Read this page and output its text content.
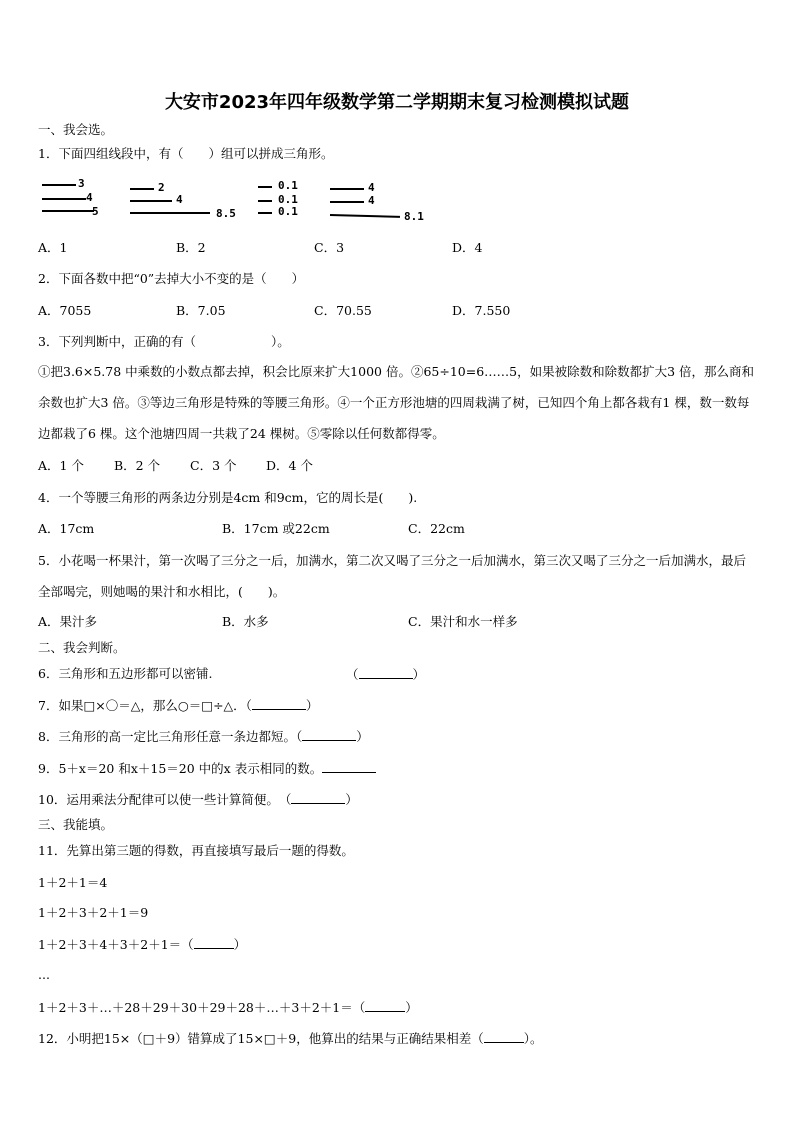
大安市2023年四年级数学第二学期期末复习检测模拟试题
一、我会选。
1．下面四组线段中，有（　　）组可以拼成三角形。
3
4
5
2
4
8.5
0.1
0.1
0.1
4
4
8.1
A．1	B．2	C．3	D．4
2．下面各数中把“0”去掉大小不变的是（　　）
A．7055	B．7.05	C．70.55	D．7.550
3．下列判断中，正确的有（　　　　　　）。
①把3.6×5.78 中乘数的小数点都去掉，积会比原来扩大1000 倍。②65÷10=6……5，如果被除数和除数都扩大3 倍，那么商和余数也扩大3 倍。③等边三角形是特殊的等腰三角形。④一个正方形池塘的四周栽满了树，已知四个角上都各栽有1 棵，数一数每边都栽了6 棵。这个池塘四周一共栽了24 棵树。⑤零除以任何数都得零。
A．1 个 B．2 个 C．3 个 D．4 个
4．一个等腰三角形的两条边分别是4cm 和9cm，它的周长是(　　).
A．17cm	B．17cm 或22cm	C．22cm
5．小花喝一杯果汁，第一次喝了三分之一后，加满水，第二次又喝了三分之一后加满水，第三次又喝了三分之一后加满水，最后全部喝完，则她喝的果汁和水相比，(　　)。
A．果汁多	B．水多	C．果汁和水一样多
二、我会判断。
6．三角形和五边形都可以密铺.	（	）
7．如果□×〇＝△，那么○＝□÷△．（	）
8．三角形的高一定比三角形任意一条边都短。（	）
9．5＋x＝20 和x＋15＝20 中的x 表示相同的数。
10．运用乘法分配律可以使一些计算简便。　（	）
三、我能填。
11．先算出第三题的得数，再直接填写最后一题的得数。
1＋2＋1＝4
1＋2＋3＋2＋1＝9
1＋2＋3＋4＋3＋2＋1＝（	）
...
1＋2＋3＋…＋28＋29＋30＋29＋28＋…＋3＋2＋1＝（	）
12．小明把15×（□＋9）错算成了15×□＋9，他算出的结果与正确结果相差（	）。
